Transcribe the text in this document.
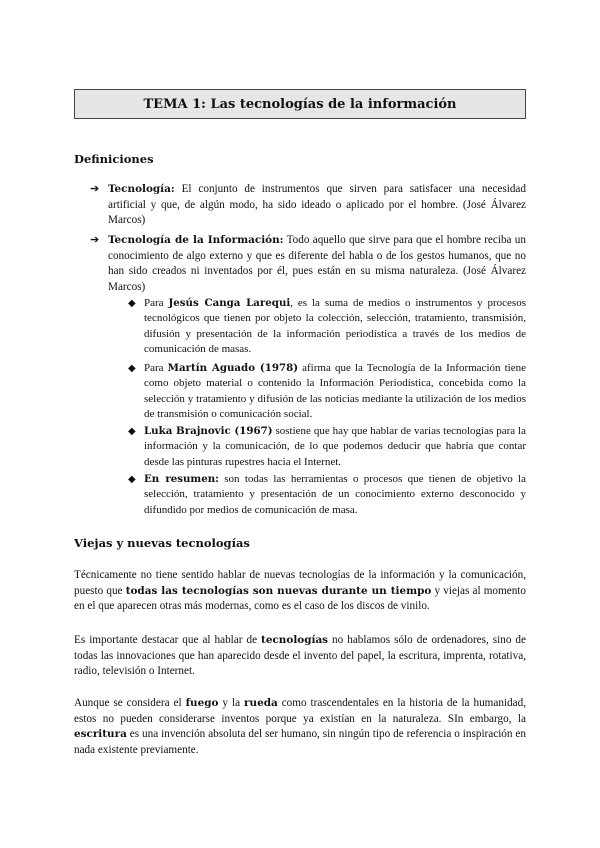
TEMA 1: Las tecnologías de la información
Definiciones
➔ Tecnología: El conjunto de instrumentos que sirven para satisfacer una necesidad artificial y que, de algún modo, ha sido ideado o aplicado por el hombre. (José Álvarez Marcos)
➔ Tecnología de la Información: Todo aquello que sirve para que el hombre reciba un conocimiento de algo externo y que es diferente del habla o de los gestos humanos, que no han sido creados ni inventados por él, pues están en su misma naturaleza. (José Álvarez Marcos)
◆ Para Jesús Canga Larequi, es la suma de medios o instrumentos y procesos tecnológicos que tienen por objeto la colección, selección, tratamiento, transmisión, difusión y presentación de la información periodística a través de los medios de comunicación de masas.
◆ Para Martín Aguado (1978) afirma que la Tecnología de la Información tiene como objeto material o contenido la Información Periodística, concebida como la selección y tratamiento y difusión de las noticias mediante la utilización de los medios de transmisión o comunicación social.
◆ Luka Brajnovic (1967) sostiene que hay que hablar de varias tecnologías para la información y la comunicación, de lo que podemos deducir que habría que contar desde las pinturas rupestres hacia el Internet.
◆ En resumen: son todas las herramientas o procesos que tienen de objetivo la selección, tratamiento y presentación de un conocimiento externo desconocido y difundido por medios de comunicación de masa.
Viejas y nuevas tecnologías
Técnicamente no tiene sentido hablar de nuevas tecnologías de la información y la comunicación, puesto que todas las tecnologías son nuevas durante un tiempo y viejas al momento en el que aparecen otras más modernas, como es el caso de los discos de vinilo.
Es importante destacar que al hablar de tecnologías no hablamos sólo de ordenadores, sino de todas las innovaciones que han aparecido desde el invento del papel, la escritura, imprenta, rotativa, radio, televisión o Internet.
Aunque se considera el fuego y la rueda como trascendentales en la historia de la humanidad, estos no pueden considerarse inventos porque ya existían en la naturaleza. SIn embargo, la escritura es una invención absoluta del ser humano, sin ningún tipo de referencia o inspiración en nada existente previamente.
